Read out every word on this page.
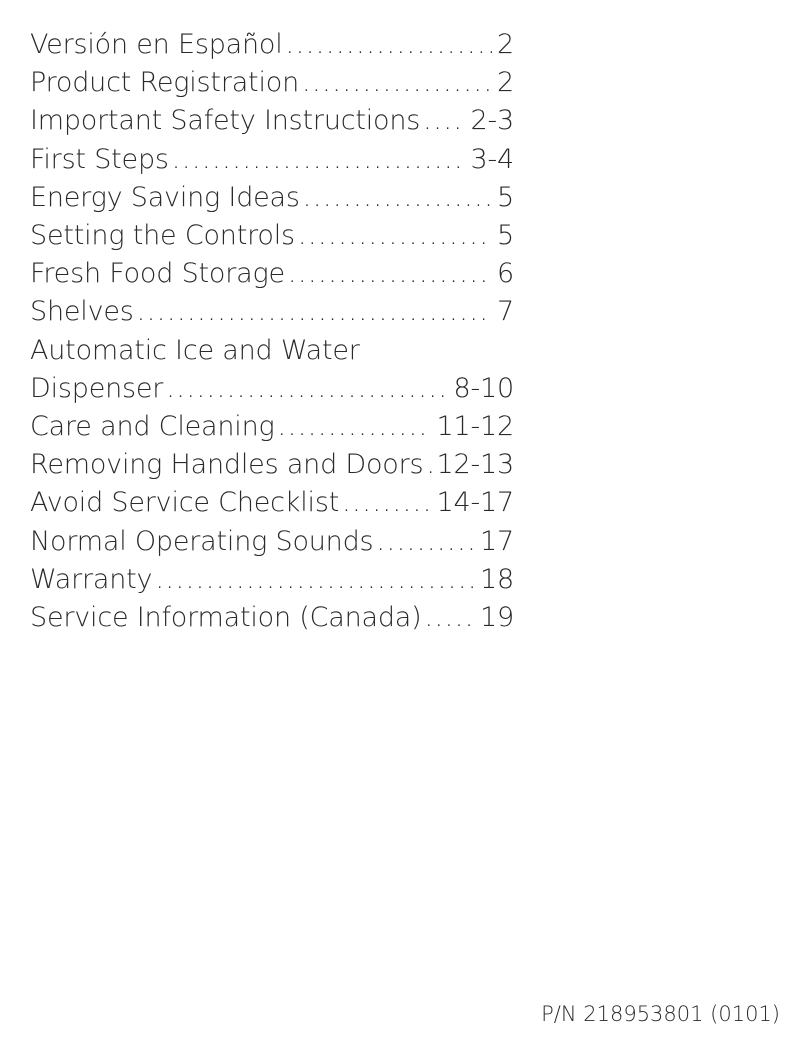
Versión en Español .....	2
Product Registration .....	2
Important Safety Instructions ..... 2-3
First Steps .....	3-4
Energy Saving Ideas .....	5
Setting the Controls .....	5
Fresh Food Storage .....	6
Shelves .....	7
Automatic Ice and Water
Dispenser .....	8-10
Care and Cleaning .....	11-12
Removing Handles and Doors ..... 12-13
Avoid Service Checklist .....	14-17
Normal Operating Sounds .....	17
Warranty .....	18
Service Information (Canada) ..... 19
P/N 218953801 (0101)
